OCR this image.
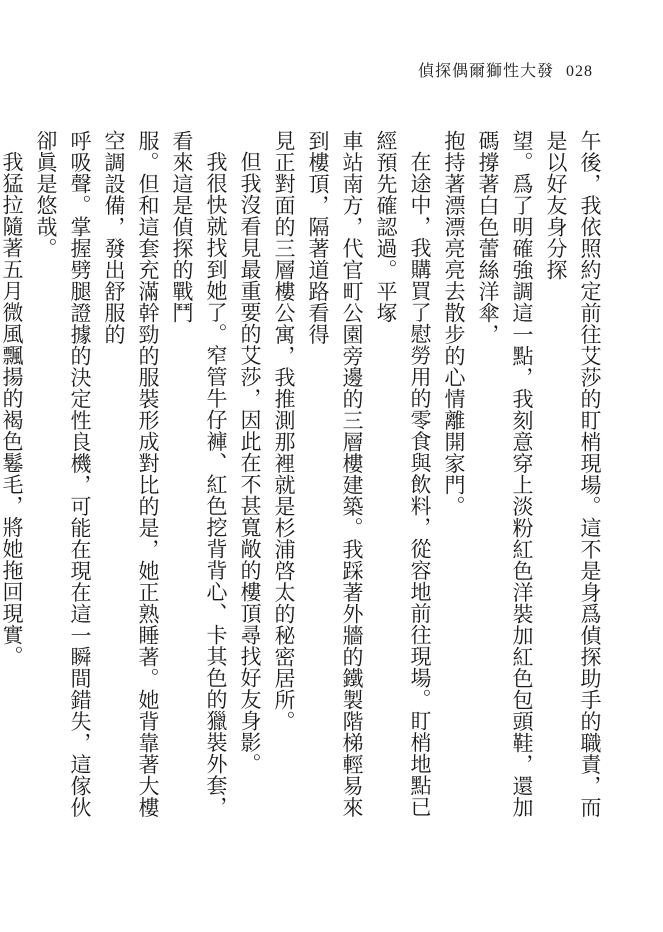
偵探偶爾獅性大發 028

午後，我依照約定前往艾莎的盯梢現場。這不是身爲偵探助手的職責，而是以好友身分探

望。爲了明確強調這一點，我刻意穿上淡粉紅色洋裝加紅色包頭鞋，還加碼撐著白色蕾絲洋傘，

抱持著漂漂亮亮去散步的心情離開家門。

在途中，我購買了慰勞用的零食與飲料，從容地前往現場。盯梢地點已經預先確認過。平塚

車站南方，代官町公園旁邊的三層樓建築。我踩著外牆的鐵製階梯輕易來到樓頂，隔著道路看得

見正對面的三層樓公寓，我推測那裡就是杉浦啓太的秘密居所。

但我沒看見最重要的艾莎，因此在不甚寬敞的樓頂尋找好友身影。

我很快就找到她了。窄管牛仔褲、紅色挖背背心、卡其色的獵裝外套，看來這是偵探的戰鬥

服。但和這套充滿幹勁的服裝形成對比的是，她正熟睡著。她背靠著大樓空調設備，發出舒服的

呼吸聲。掌握劈腿證據的決定性良機，可能在現在這一瞬間錯失，這傢伙卻眞是悠哉。

我猛拉隨著五月微風飄揚的褐色鬈毛，將她拖回現實。
